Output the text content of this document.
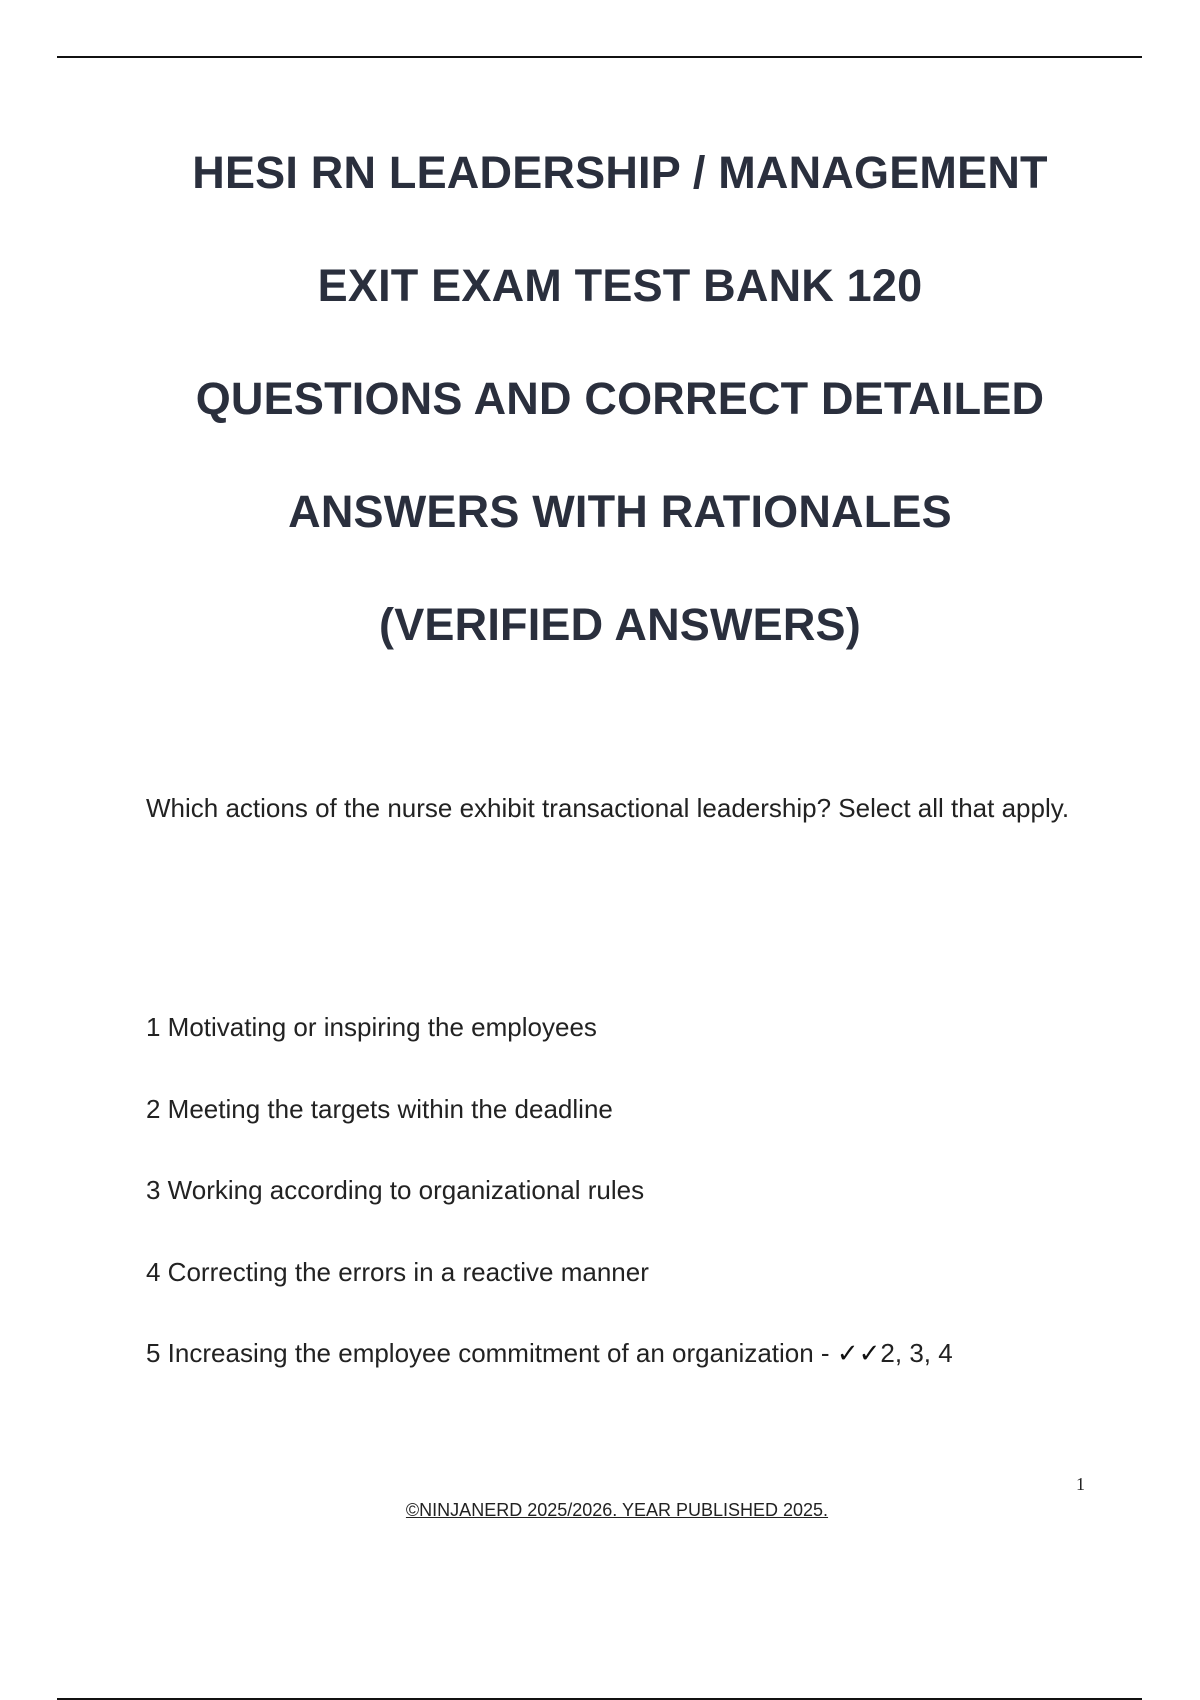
HESI RN LEADERSHIP / MANAGEMENT
EXIT EXAM TEST BANK 120
QUESTIONS AND CORRECT DETAILED
ANSWERS WITH RATIONALES
(VERIFIED ANSWERS)

Which actions of the nurse exhibit transactional leadership? Select all that apply.

1 Motivating or inspiring the employees
2 Meeting the targets within the deadline
3 Working according to organizational rules
4 Correcting the errors in a reactive manner
5 Increasing the employee commitment of an organization - ✓✓2, 3, 4
1
©NINJANERD 2025/2026. YEAR PUBLISHED 2025.
